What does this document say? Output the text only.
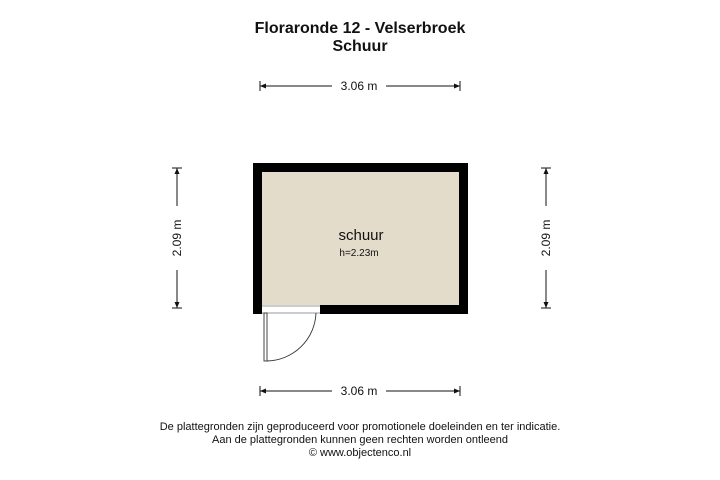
Floraronde 12 - Velserbroek
Schuur
3.06 m
2.09 m	2.09 m
schuur
h=2.23m
3.06 m
De plattegronden zijn geproduceerd voor promotionele doeleinden en ter indicatie.
Aan de plattegronden kunnen geen rechten worden ontleend
© www.objectenco.nl
